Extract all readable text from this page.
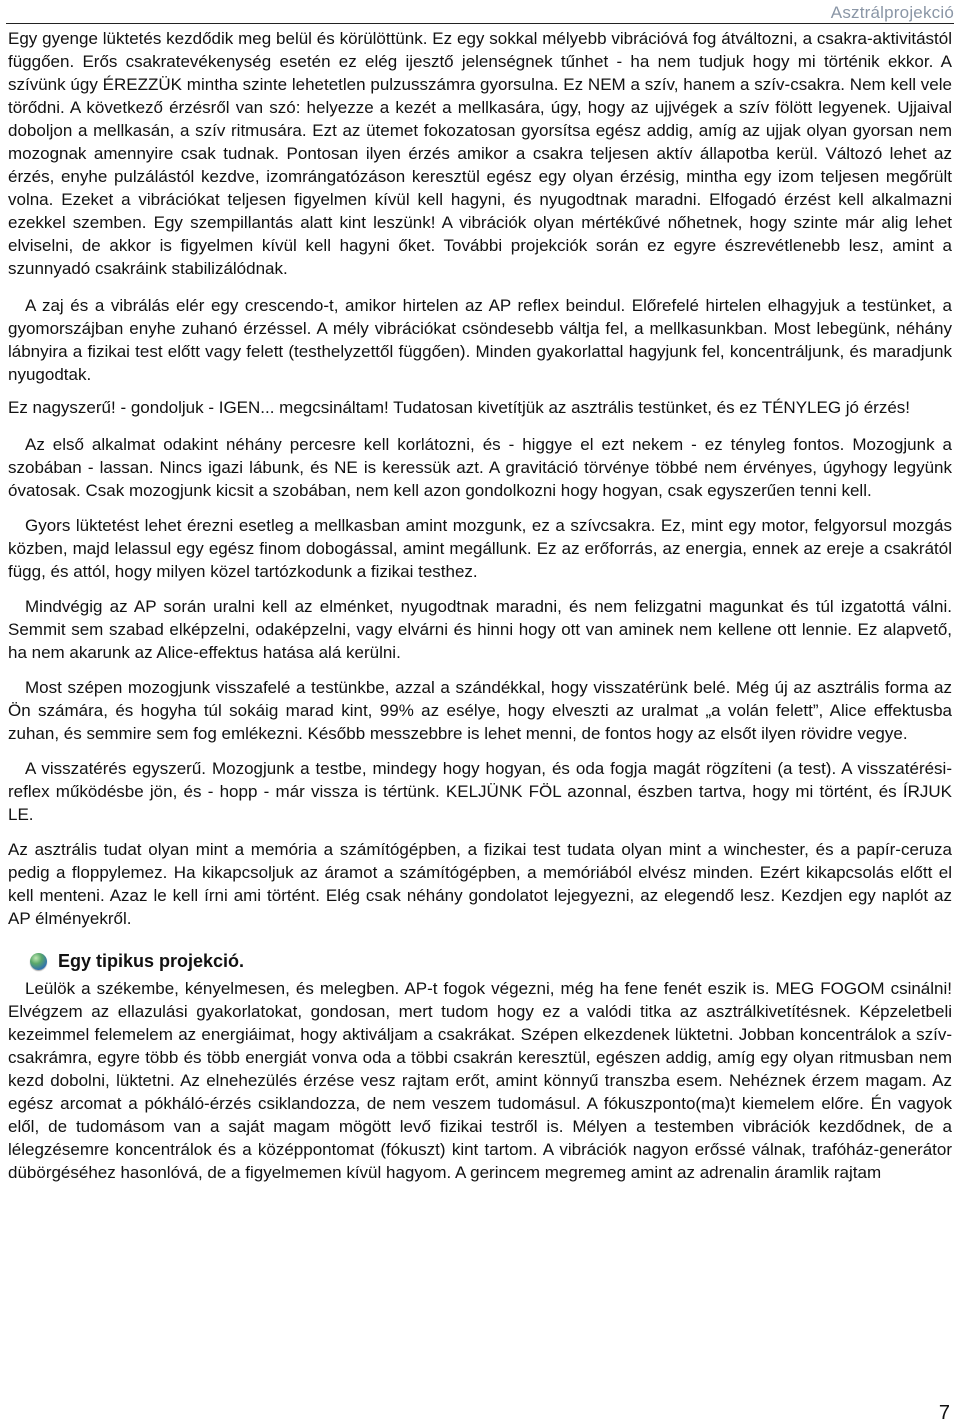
Asztrálprojekció

Egy gyenge lüktetés kezdődik meg belül és körülöttünk. Ez egy sokkal mélyebb vibrációvá fog átváltozni, a csakra-aktivitástól függően. Erős csakratevékenység esetén ez elég ijesztő jelenségnek tűnhet - ha nem tudjuk hogy mi történik ekkor. A szívünk úgy ÉREZZÜK mintha szinte lehetetlen pulzusszámra gyorsulna. Ez NEM a szív, hanem a szív-csakra. Nem kell vele törődni. A következő érzésről van szó: helyezze a kezét a mellkasára, úgy, hogy az ujjvégek a szív fölött legyenek. Ujjaival doboljon a mellkasán, a szív ritmusára. Ezt az ütemet fokozatosan gyorsítsa egész addig, amíg az ujjak olyan gyorsan nem mozognak amennyire csak tudnak. Pontosan ilyen érzés amikor a csakra teljesen aktív állapotba kerül. Változó lehet az érzés, enyhe pulzálástól kezdve, izomrángatózáson keresztül egész egy olyan érzésig, mintha egy izom teljesen megőrült volna. Ezeket a vibrációkat teljesen figyelmen kívül kell hagyni, és nyugodtnak maradni. Elfogadó érzést kell alkalmazni ezekkel szemben. Egy szempillantás alatt kint leszünk! A vibrációk olyan mértékűvé nőhetnek, hogy szinte már alig lehet elviselni, de akkor is figyelmen kívül kell hagyni őket. További projekciók során ez egyre észrevétlenebb lesz, amint a szunnyadó csakráink stabilizálódnak.

A zaj és a vibrálás elér egy crescendo-t, amikor hirtelen az AP reflex beindul. Előrefelé hirtelen elhagyjuk a testünket, a gyomorszájban enyhe zuhanó érzéssel. A mély vibrációkat csöndesebb váltja fel, a mellkasunkban. Most lebegünk, néhány lábnyira a fizikai test előtt vagy felett (testhelyzettől függően). Minden gyakorlattal hagyjunk fel, koncentráljunk, és maradjunk nyugodtak.

Ez nagyszerű! - gondoljuk - IGEN... megcsináltam! Tudatosan kivetítjük az asztrális testünket, és ez TÉNYLEG jó érzés!

Az első alkalmat odakint néhány percesre kell korlátozni, és - higgye el ezt nekem - ez tényleg fontos. Mozogjunk a szobában - lassan. Nincs igazi lábunk, és NE is keressük azt. A gravitáció törvénye többé nem érvényes, úgyhogy legyünk óvatosak. Csak mozogjunk kicsit a szobában, nem kell azon gondolkozni hogy hogyan, csak egyszerűen tenni kell.

Gyors lüktetést lehet érezni esetleg a mellkasban amint mozgunk, ez a szívcsakra. Ez, mint egy motor, felgyorsul mozgás közben, majd lelassul egy egész finom dobogással, amint megállunk. Ez az erőforrás, az energia, ennek az ereje a csakrától függ, és attól, hogy milyen közel tartózkodunk a fizikai testhez.

Mindvégig az AP során uralni kell az elménket, nyugodtnak maradni, és nem felizgatni magunkat és túl izgatottá válni. Semmit sem szabad elképzelni, odaképzelni, vagy elvárni és hinni hogy ott van aminek nem kellene ott lennie. Ez alapvető, ha nem akarunk az Alice-effektus hatása alá kerülni.

Most szépen mozogjunk visszafelé a testünkbe, azzal a szándékkal, hogy visszatérünk belé. Még új az asztrális forma az Ön számára, és hogyha túl sokáig marad kint, 99% az esélye, hogy elveszti az uralmat „a volán felett”, Alice effektusba zuhan, és semmire sem fog emlékezni. Később messzebbre is lehet menni, de fontos hogy az elsőt ilyen rövidre vegye.

A visszatérés egyszerű. Mozogjunk a testbe, mindegy hogy hogyan, és oda fogja magát rögzíteni (a test). A visszatérési-reflex működésbe jön, és - hopp - már vissza is tértünk. KELJÜNK FÖL azonnal, észben tartva, hogy mi történt, és ÍRJUK LE.

Az asztrális tudat olyan mint a memória a számítógépben, a fizikai test tudata olyan mint a winchester, és a papír-ceruza pedig a floppylemez. Ha kikapcsoljuk az áramot a számítógépben, a memóriából elvész minden. Ezért kikapcsolás előtt el kell menteni. Azaz le kell írni ami történt. Elég csak néhány gondolatot lejegyezni, az elegendő lesz. Kezdjen egy naplót az AP élményekről.

Egy tipikus projekció.

Leülök a székembe, kényelmesen, és melegben. AP-t fogok végezni, még ha fene fenét eszik is. MEG FOGOM csinálni! Elvégzem az ellazulási gyakorlatokat, gondosan, mert tudom hogy ez a valódi titka az asztrálkivetítésnek. Képzeletbeli kezeimmel felemelem az energiáimat, hogy aktiváljam a csakrákat. Szépen elkezdenek lüktetni. Jobban koncentrálok a szív-csakrámra, egyre több és több energiát vonva oda a többi csakrán keresztül, egészen addig, amíg egy olyan ritmusban nem kezd dobolni, lüktetni. Az elnehezülés érzése vesz rajtam erőt, amint könnyű transzba esem. Nehéznek érzem magam. Az egész arcomat a pókháló-érzés csiklandozza, de nem veszem tudomásul. A fókuszponto(ma)t kiemelem előre. Én vagyok elől, de tudomásom van a saját magam mögött levő fizikai testről is. Mélyen a testemben vibrációk kezdődnek, de a lélegzésemre koncentrálok és a középpontomat (fókuszt) kint tartom. A vibrációk nagyon erőssé válnak, trafóház-generátor dübörgéséhez hasonlóvá, de a figyelmemen kívül hagyom. A gerincem megremeg amint az adrenalin áramlik rajtam

7
